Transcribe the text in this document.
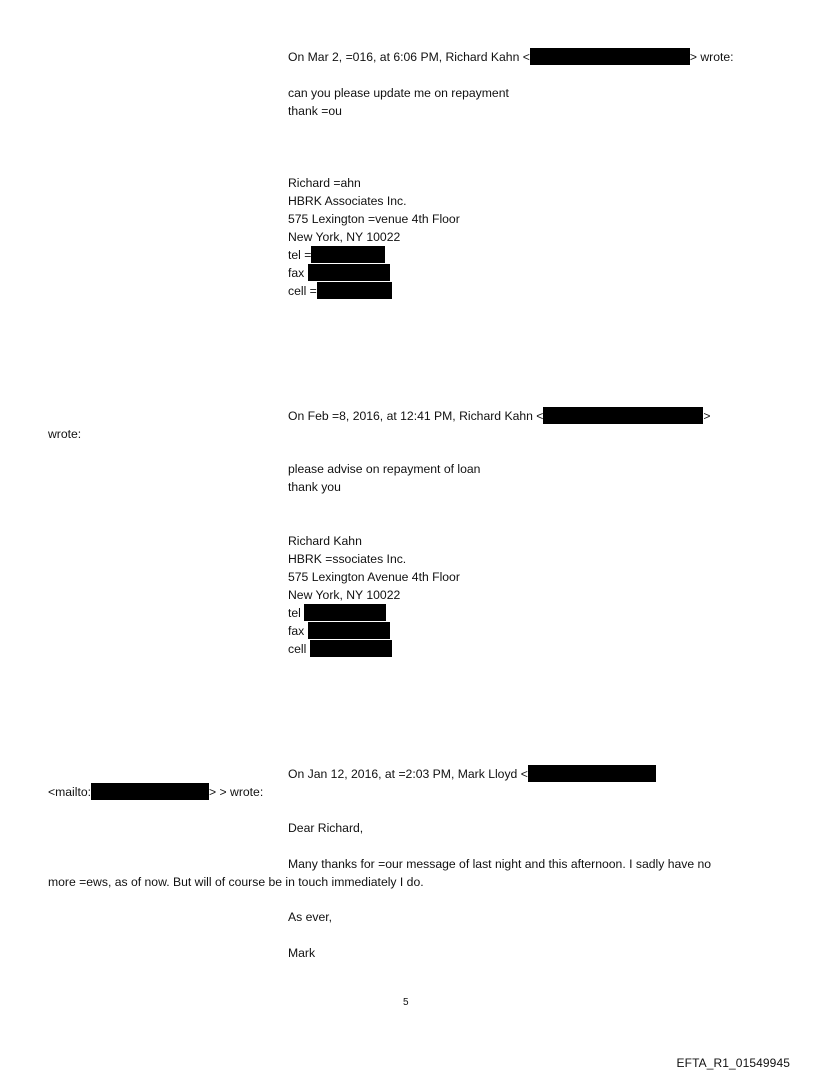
On Mar 2, =016, at 6:06 PM, Richard Kahn <	> wrote:
can you please update me on repayment
thank =ou
Richard =ahn
HBRK Associates Inc.
575 Lexington =venue 4th Floor
New York, NY 10022
tel =
fax
cell =
On Feb =8, 2016, at 12:41 PM, Richard Kahn <	>
wrote:
please advise on repayment of loan
thank you
Richard Kahn
HBRK =ssociates Inc.
575 Lexington Avenue 4th Floor
New York, NY 10022
tel
fax
cell
On Jan 12, 2016, at =2:03 PM, Mark Lloyd <
<mailto:	> > wrote:
Dear Richard,
Many thanks for =our message of last night and this afternoon. I sadly have no
more =ews, as of now. But will of course be in touch immediately I do.
As ever,
Mark
5
EFTA_R1_01549945
